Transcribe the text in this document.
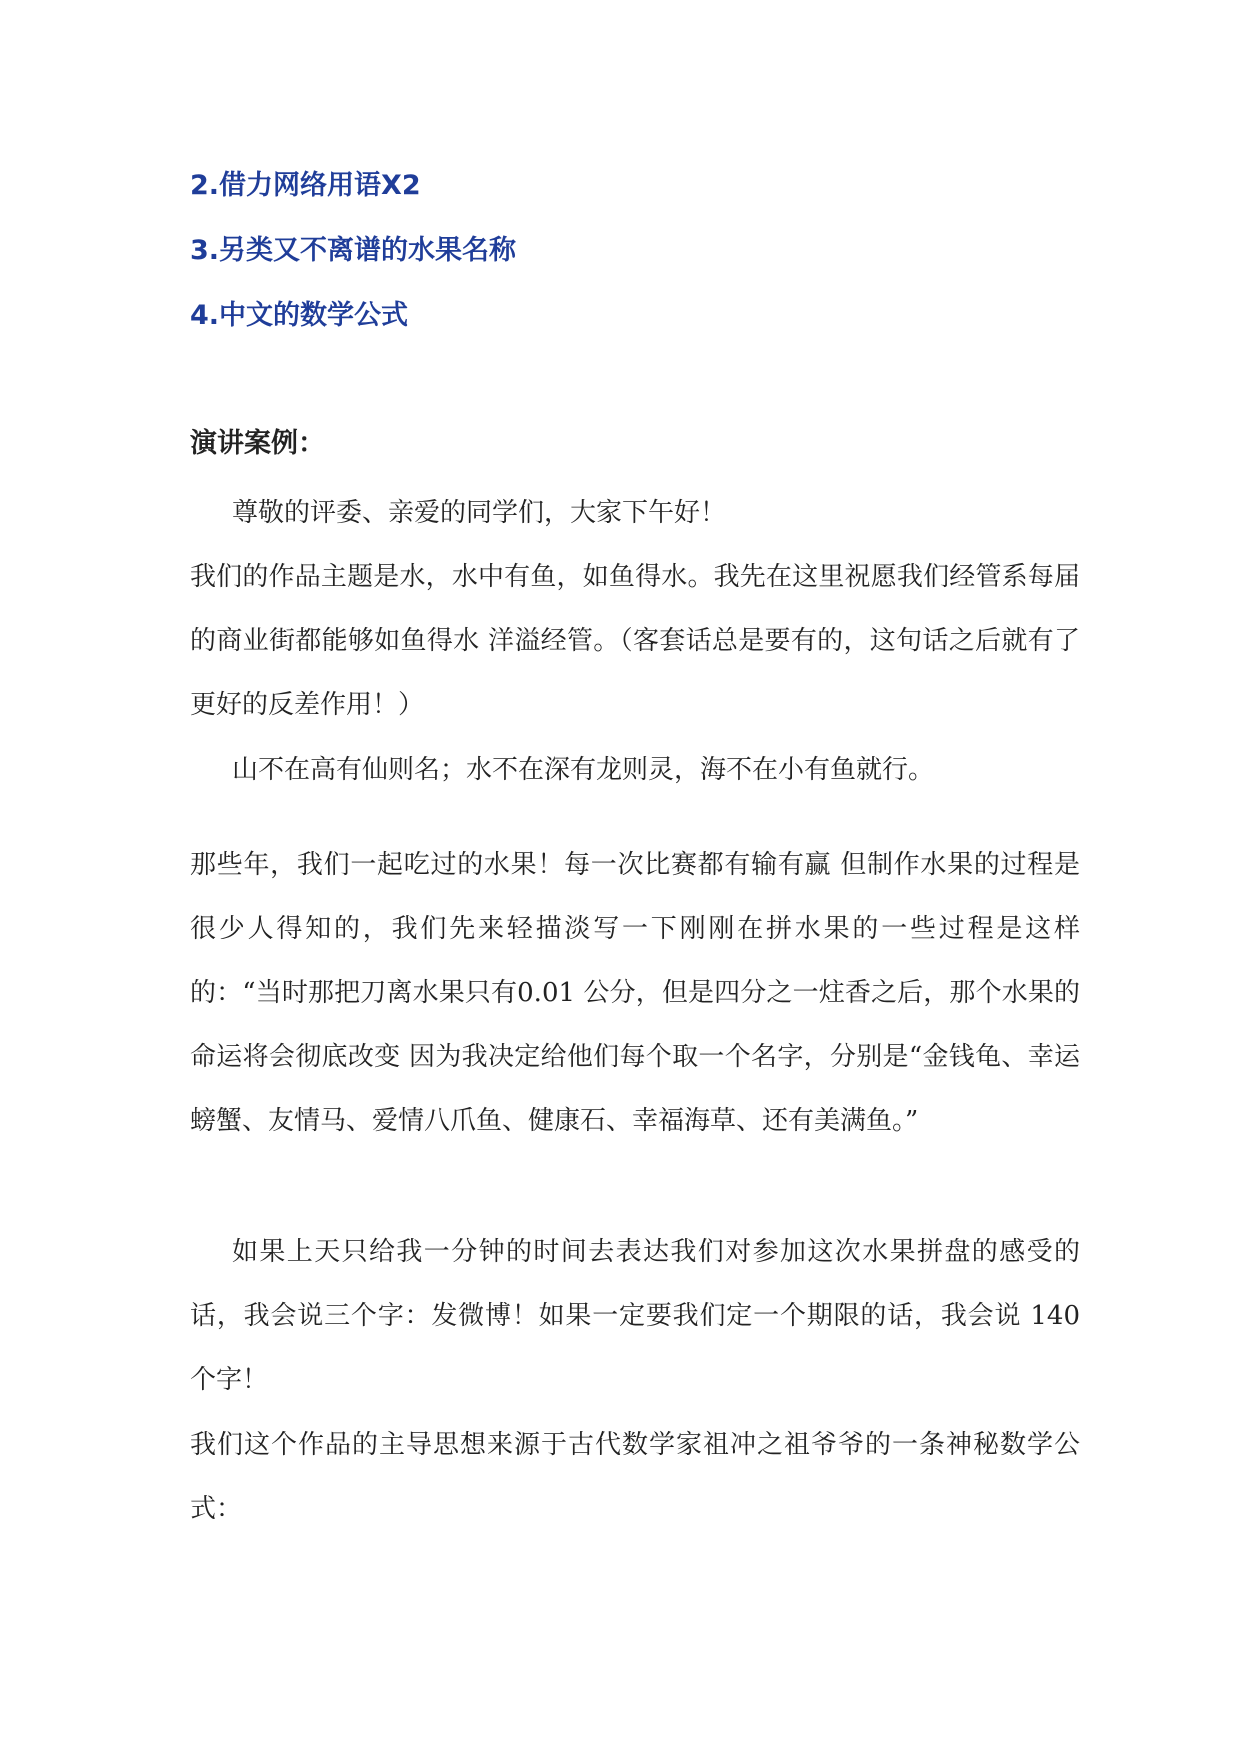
2.借力网络用语X2
3.另类又不离谱的水果名称
4.中文的数学公式
演讲案例：

尊敬的评委、亲爱的同学们，大家下午好！

我们的作品主题是水，水中有鱼，如鱼得水。我先在这里祝愿我们经管系每届的商业街都能够如鱼得水 洋溢经管。（客套话总是要有的，这句话之后就有了更好的反差作用！）

山不在高有仙则名；水不在深有龙则灵，海不在小有鱼就行。

那些年，我们一起吃过的水果！每一次比赛都有输有赢 但制作水果的过程是很少人得知的，我们先来轻描淡写一下刚刚在拼水果的一些过程是这样的：“当时那把刀离水果只有0.01 公分，但是四分之一炷香之后，那个水果的命运将会彻底改变 因为我决定给他们每个取一个名字，分别是“金钱龟、幸运螃蟹、友情马、爱情八爪鱼、健康石、幸福海草、还有美满鱼。”

如果上天只给我一分钟的时间去表达我们对参加这次水果拼盘的感受的话，我会说三个字：发微博！如果一定要我们定一个期限的话，我会说 140 个字！

我们这个作品的主导思想来源于古代数学家祖冲之祖爷爷的一条神秘数学公式：
